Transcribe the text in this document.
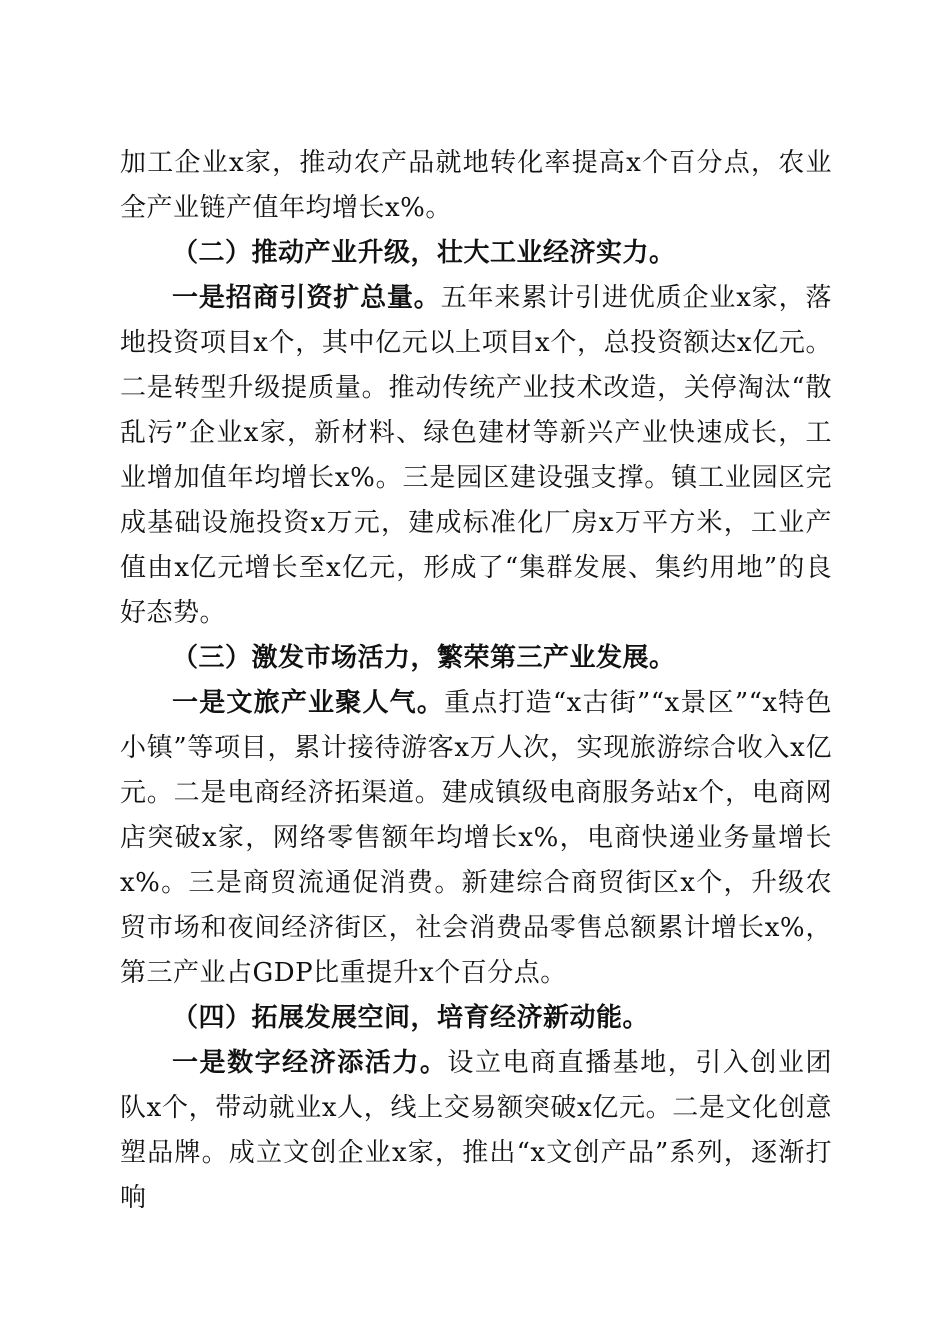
加工企业x家，推动农产品就地转化率提高x个百分点，农业全产业链产值年均增长x%。

（二）推动产业升级，壮大工业经济实力。

一是招商引资扩总量。五年来累计引进优质企业x家，落地投资项目x个，其中亿元以上项目x个，总投资额达x亿元。二是转型升级提质量。推动传统产业技术改造，关停淘汰“散乱污”企业x家，新材料、绿色建材等新兴产业快速成长，工业增加值年均增长x%。三是园区建设强支撑。镇工业园区完成基础设施投资x万元，建成标准化厂房x万平方米，工业产值由x亿元增长至x亿元，形成了“集群发展、集约用地”的良好态势。

（三）激发市场活力，繁荣第三产业发展。

一是文旅产业聚人气。重点打造“x古街”“x景区”“x特色小镇”等项目，累计接待游客x万人次，实现旅游综合收入x亿元。二是电商经济拓渠道。建成镇级电商服务站x个，电商网店突破x家，网络零售额年均增长x%，电商快递业务量增长x%。三是商贸流通促消费。新建综合商贸街区x个，升级农贸市场和夜间经济街区，社会消费品零售总额累计增长x%，第三产业占GDP比重提升x个百分点。

（四）拓展发展空间，培育经济新动能。

一是数字经济添活力。设立电商直播基地，引入创业团队x个，带动就业x人，线上交易额突破x亿元。二是文化创意塑品牌。成立文创企业x家，推出“x文创产品”系列，逐渐打响
